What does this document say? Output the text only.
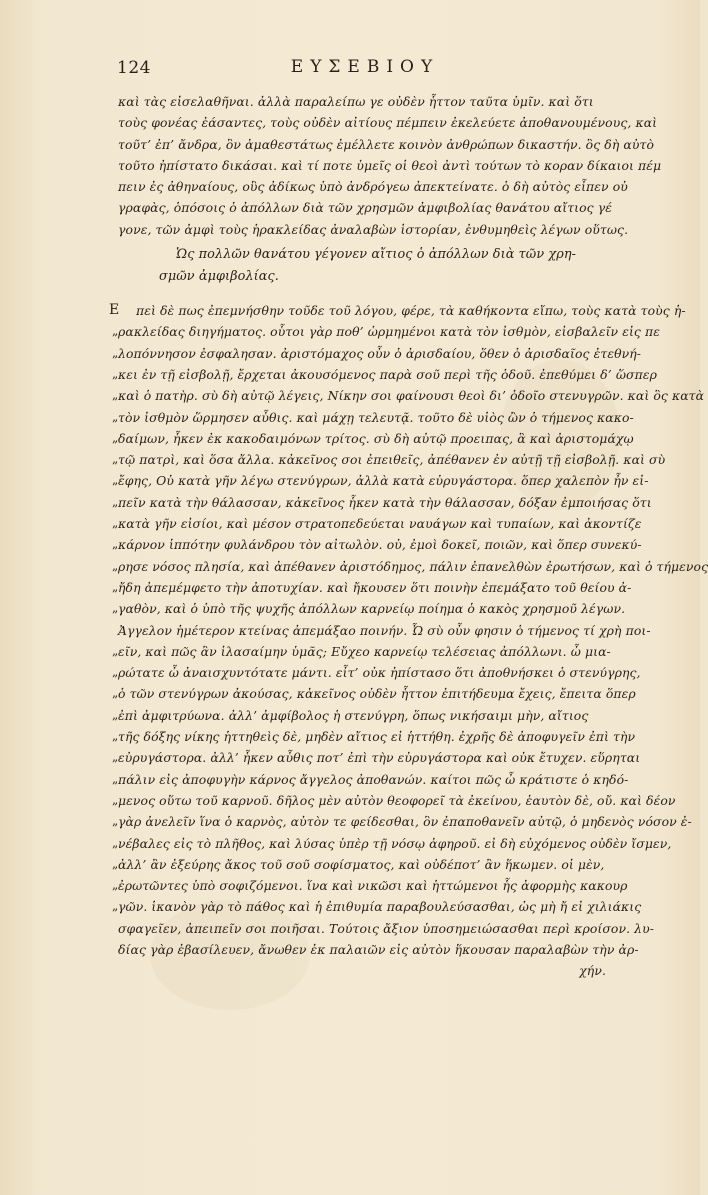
124	ΕΥΣΕΒΙΟΥ
καὶ τὰς εἰσελαθῆναι. ἀλλὰ παραλείπω γε οὐδὲν ἧττον ταῦτα ὑμῖν. καὶ ὅτι
τοὺς φονέας ἐάσαντες, τοὺς οὐδὲν αἰτίους πέμπειν ἐκελεύετε ἀποθανουμένους, καὶ
τοῦτ’ ἐπ’ ἄνδρα, ὃν ἀμαθεστάτως ἐμέλλετε κοινὸν ἀνθρώπων δικαστήν. ὃς δὴ αὐτὸ
τοῦτο ἠπίστατο δικάσαι. καὶ τί ποτε ὑμεῖς οἱ θεοὶ ἀντὶ τούτων τὸ κοραν δίκαιοι πέμ
πειν ἐς ἀθηναίους, οὓς ἀδίκως ὑπὸ ἀνδρόγεω ἀπεκτείνατε. ὁ δὴ αὐτὸς εἶπεν οὐ
γραφὰς, ὁπόσοις ὁ ἀπόλλων διὰ τῶν χρησμῶν ἀμφιβολίας θανάτου αἴτιος γέ
γονε, τῶν ἀμφὶ τοὺς ἡρακλείδας ἀναλαβὼν ἱστορίαν, ἐνθυμηθεὶς λέγων οὕτως.
Ὡς πολλῶν θανάτου γέγονεν αἴτιος ὁ ἀπόλλων διὰ τῶν χρη-
σμῶν ἀμφιβολίας.
Ε	πεὶ δὲ πως ἐπεμνήσθην τοῦδε τοῦ λόγου, φέρε, τὰ καθήκοντα εἴπω, τοὺς κατὰ τοὺς ἡ-
„ ρακλείδας διηγήματος. οὗτοι γὰρ ποθ’ ὡρμημένοι κατὰ τὸν ἰσθμὸν, εἰσβαλεῖν εἰς πε
„ λοπόννησον ἐσφαλησαν. ἀριστόμαχος οὖν ὁ ἀρισδαίου, ὅθεν ὁ ἀρισδαῖος ἐτεθνή-
„ κει ἐν τῇ εἰσβολῇ, ἔρχεται ἀκουσόμενος παρὰ σοῦ περὶ τῆς ὁδοῦ. ἐπεθύμει δ’ ὥσπερ
„ καὶ ὁ πατὴρ. σὺ δὴ αὐτῷ λέγεις, Νίκην σοι φαίνουσι θεοὶ δι’ ὁδοῖο στενυγρῶν. καὶ ὃς κατὰ
„ τὸν ἰσθμὸν ὥρμησεν αὖθις. καὶ μάχῃ τελευτᾷ. τοῦτο δὲ υἱὸς ὢν ὁ τήμενος κακο-
„ δαίμων, ἧκεν ἐκ κακοδαιμόνων τρίτος. σὺ δὴ αὐτῷ προειπας, ἃ καὶ ἀριστομάχῳ
„ τῷ πατρὶ, καὶ ὅσα ἄλλα. κἀκεῖνος σοι ἐπειθεῖς, ἀπέθανεν ἐν αὐτῇ τῇ εἰσβολῇ. καὶ σὺ
„ ἔφης, Οὐ κατὰ γῆν λέγω στενύγρων, ἀλλὰ κατὰ εὐρυγάστορα. ὅπερ χαλεπὸν ἦν εἰ-
„ πεῖν κατὰ τὴν θάλασσαν, κἀκεῖνος ἧκεν κατὰ τὴν θάλασσαν, δόξαν ἐμποιήσας ὅτι
„ κατὰ γῆν εἰσίοι, καὶ μέσον στρατοπεδεύεται ναυάγων καὶ τυπαίων, καὶ ἀκοντίζε
„ κάρνον ἱππότην φυλάνδρου τὸν αἰτωλὸν. οὐ, ἐμοὶ δοκεῖ, ποιῶν, καὶ ὅπερ συνεκύ-
„ ρησε νόσος πλησία, καὶ ἀπέθανεν ἀριστόδημος, πάλιν ἐπανελθὼν ἐρωτήσων, καὶ ὁ τήμενος
„ ἤδη ἀπεμέμφετο τὴν ἀποτυχίαν. καὶ ἤκουσεν ὅτι ποινὴν ἐπεμάξατο τοῦ θείου ἀ-
„ γαθὸν, καὶ ὁ ὑπὸ τῆς ψυχῆς ἀπόλλων καρνείῳ ποίημα ὁ κακὸς χρησμοῦ λέγων.
Ἀγγελον ἡμέτερον κτείνας ἀπεμάξαο ποινήν. Ὦ σὺ οὖν φησιν ὁ τήμενος τί χρὴ ποι-
„ εῖν, καὶ πῶς ἂν ἱλασαίμην ὑμᾶς; Εὔχεο καρνείῳ τελέσειας ἀπόλλωνι. ὦ μια-
„ ρώτατε ὦ ἀναισχυντότατε μάντι. εἶτ’ οὐκ ἠπίστασο ὅτι ἀποθνήσκει ὁ στενύγρης,
„ ὁ τῶν στενύγρων ἀκούσας, κἀκεῖνος οὐδὲν ἧττον ἐπιτήδευμα ἔχεις, ἔπειτα ὅπερ
„ ἐπὶ ἀμφιτρύωνα. ἀλλ’ ἀμφίβολος ἡ στενύγρη, ὅπως νικήσαιμι μὴν, αἴτιος
„ τῆς δόξης νίκης ἡττηθεὶς δὲ, μηδὲν αἴτιος εἰ ἡττήθη. ἐχρῆς δὲ ἀποφυγεῖν ἐπὶ τὴν
„ εὐρυγάστορα. ἀλλ’ ἧκεν αὖθις ποτ’ ἐπὶ τὴν εὐρυγάστορα καὶ οὐκ ἔτυχεν. εὕρηται
„ πάλιν εἰς ἀποφυγὴν κάρνος ἄγγελος ἀποθανών. καίτοι πῶς ὦ κράτιστε ὁ κηδό-
„ μενος οὕτω τοῦ καρνοῦ. δῆλος μὲν αὐτὸν θεοφορεῖ τὰ ἐκείνου, ἑαυτὸν δὲ, οὔ. καὶ δέον
„ γὰρ ἀνελεῖν ἵνα ὁ καρνὸς, αὐτὸν τε φείδεσθαι, ὃν ἐπαποθανεῖν αὐτῷ, ὁ μηδενὸς νόσον ἐ-
„ νέβαλες εἰς τὸ πλῆθος, καὶ λύσας ὑπὲρ τῇ νόσῳ ἀφηροῦ. εἰ δὴ εὐχόμενος οὐδὲν ἴσμεν,
„ ἀλλ’ ἂν ἐξεύρης ἄκος τοῦ σοῦ σοφίσματος, καὶ οὐδέποτ’ ἂν ἥκωμεν. οἱ μὲν,
„ ἐρωτῶντες ὑπὸ σοφιζόμενοι. ἵνα καὶ νικῶσι καὶ ἡττώμενοι ἧς ἀφορμὴς κακουρ
„ γῶν. ἱκανὸν γὰρ τὸ πάθος καὶ ἡ ἐπιθυμία παραβουλεύσασθαι, ὡς μὴ ἤ εἰ χιλιάκις
σφαγεῖεν, ἀπειπεῖν σοι ποιῆσαι. Τούτοις ἄξιον ὑποσημειώσασθαι περὶ κροίσον. λυ-
δίας γὰρ ἐβασίλευεν, ἄνωθεν ἐκ παλαιῶν εἰς αὐτὸν ἥκουσαν παραλαβὼν τὴν ἀρ-
χήν.
